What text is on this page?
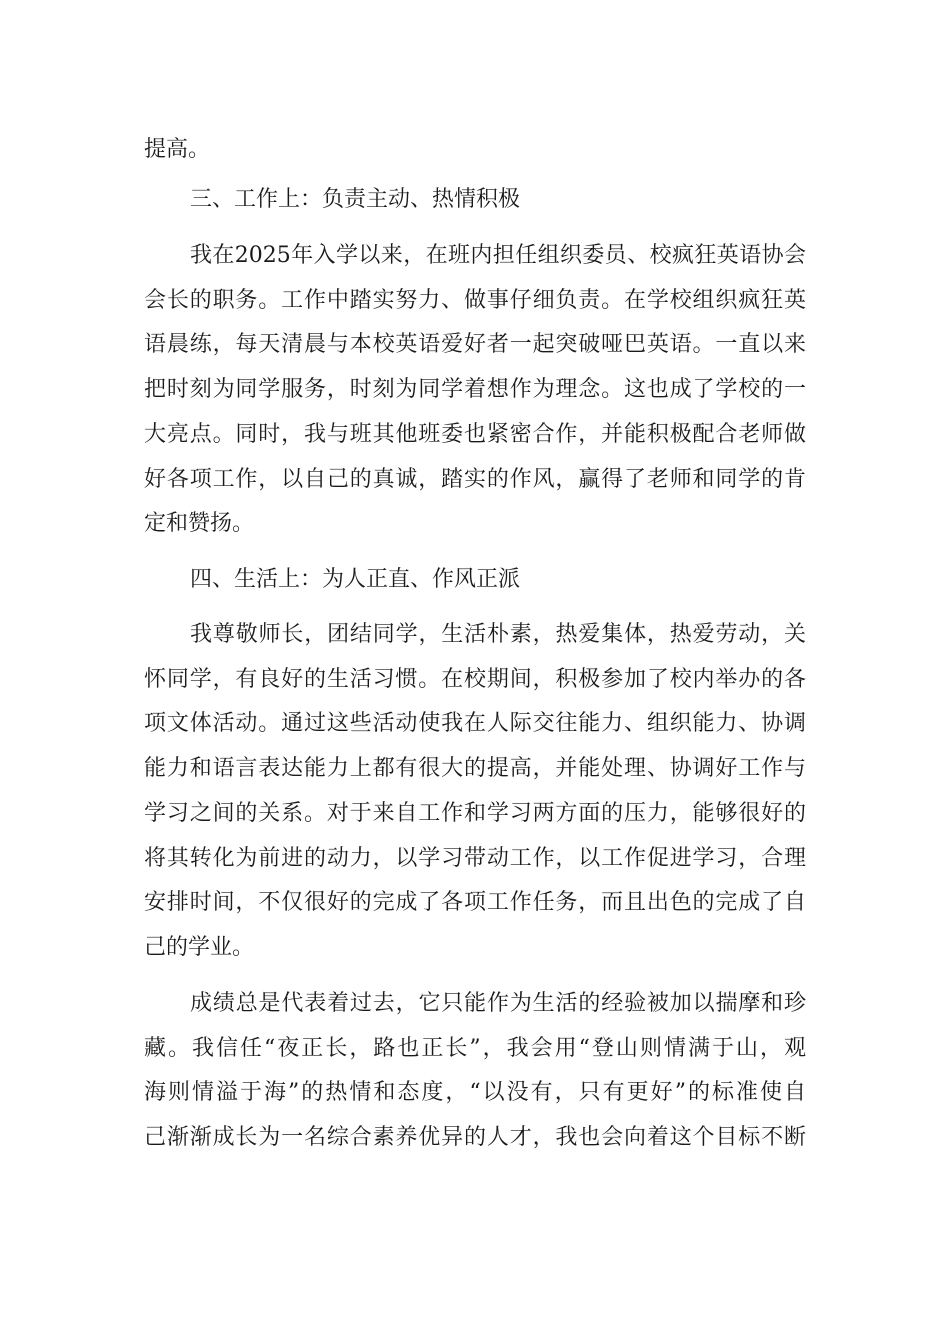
提高。
三、工作上：负责主动、热情积极
我在2025年入学以来，在班内担任组织委员、校疯狂英语协会
会长的职务。工作中踏实努力、做事仔细负责。在学校组织疯狂英
语晨练，每天清晨与本校英语爱好者一起突破哑巴英语。一直以来
把时刻为同学服务，时刻为同学着想作为理念。这也成了学校的一
大亮点。同时，我与班其他班委也紧密合作，并能积极配合老师做
好各项工作，以自己的真诚，踏实的作风，赢得了老师和同学的肯
定和赞扬。
四、生活上：为人正直、作风正派
我尊敬师长，团结同学，生活朴素，热爱集体，热爱劳动，关
怀同学，有良好的生活习惯。在校期间，积极参加了校内举办的各
项文体活动。通过这些活动使我在人际交往能力、组织能力、协调
能力和语言表达能力上都有很大的提高，并能处理、协调好工作与
学习之间的关系。对于来自工作和学习两方面的压力，能够很好的
将其转化为前进的动力，以学习带动工作，以工作促进学习，合理
安排时间，不仅很好的完成了各项工作任务，而且出色的完成了自
己的学业。
成绩总是代表着过去，它只能作为生活的经验被加以揣摩和珍
藏。我信任“夜正长，路也正长”，我会用“登山则情满于山，观
海则情溢于海”的热情和态度，“以没有，只有更好”的标准使自
己渐渐成长为一名综合素养优异的人才，我也会向着这个目标不断
